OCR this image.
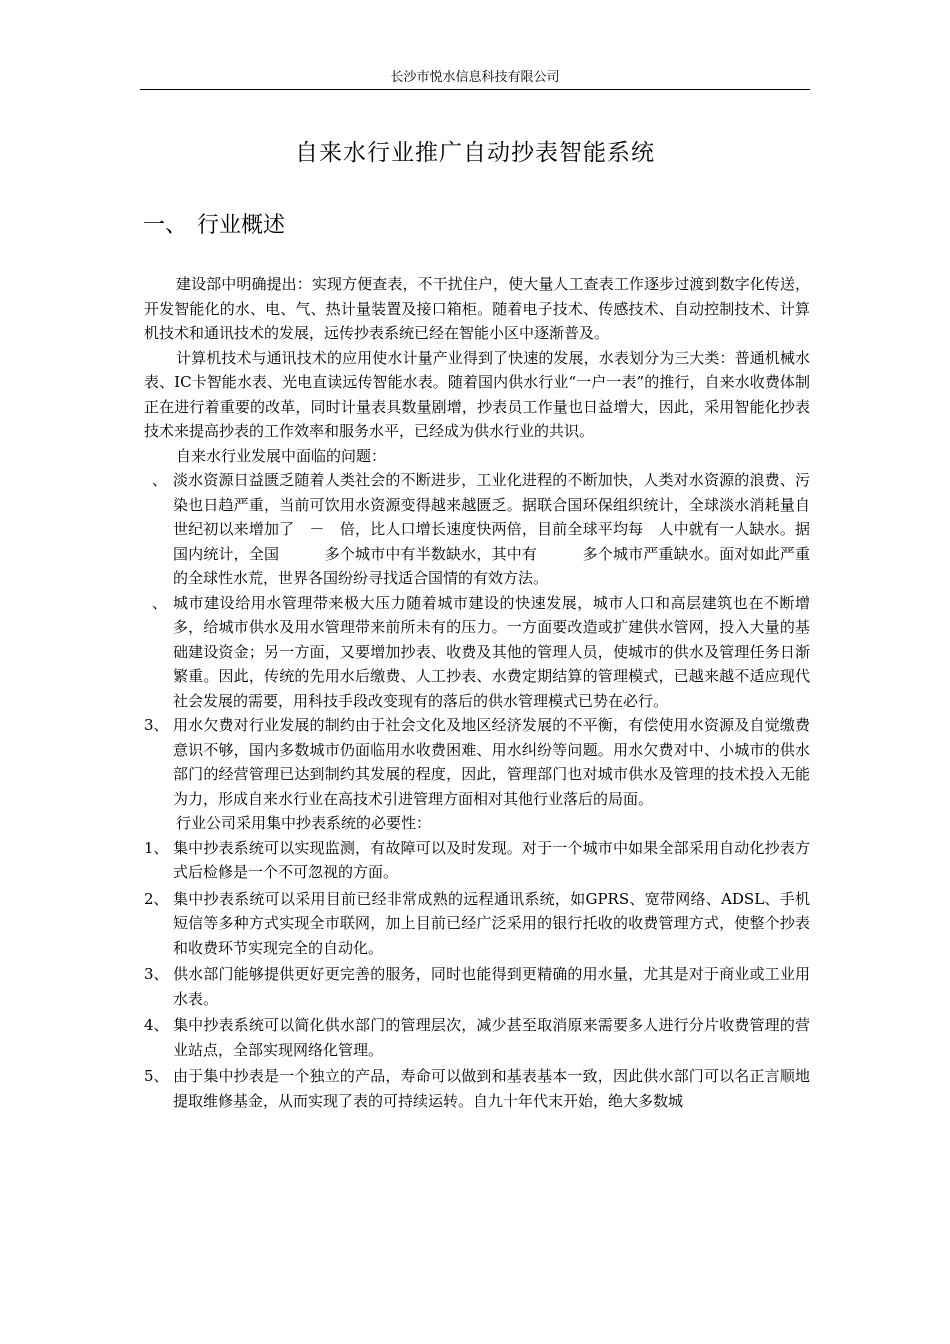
长沙市悦水信息科技有限公司
自来水行业推广自动抄表智能系统
一、 行业概述

建设部中明确提出：实现方便查表，不干扰住户，使大量人工查表工作逐步过渡到数字化传送，开发智能化的水、电、气、热计量装置及接口箱柜。随着电子技术、传感技术、自动控制技术、计算机技术和通讯技术的发展，远传抄表系统已经在智能小区中逐渐普及。

计算机技术与通讯技术的应用使水计量产业得到了快速的发展，水表划分为三大类：普通机械水表、IC卡智能水表、光电直读远传智能水表。随着国内供水行业“一户一表”的推行，自来水收费体制正在进行着重要的改革，同时计量表具数量剧增，抄表员工作量也日益增大，因此，采用智能化抄表技术来提高抄表的工作效率和服务水平，已经成为供水行业的共识。

自来水行业发展中面临的问题：

、 淡水资源日益匮乏随着人类社会的不断进步，工业化进程的不断加快，人类对水资源的浪费、污染也日趋严重，当前可饮用水资源变得越来越匮乏。据联合国环保组织统计，全球淡水消耗量自　　世纪初以来增加了　－　倍，比人口增长速度快两倍，目前全球平均每　人中就有一人缺水。据国内统计，全国　　　多个城市中有半数缺水，其中有　　　多个城市严重缺水。面对如此严重的全球性水荒，世界各国纷纷寻找适合国情的有效方法。
、 城市建设给用水管理带来极大压力随着城市建设的快速发展，城市人口和高层建筑也在不断增多，给城市供水及用水管理带来前所未有的压力。一方面要改造或扩建供水管网，投入大量的基础建设资金；另一方面，又要增加抄表、收费及其他的管理人员，使城市的供水及管理任务日渐繁重。因此，传统的先用水后缴费、人工抄表、水费定期结算的管理模式，已越来越不适应现代社会发展的需要，用科技手段改变现有的落后的供水管理模式已势在必行。
3、 用水欠费对行业发展的制约由于社会文化及地区经济发展的不平衡，有偿使用水资源及自觉缴费意识不够，国内多数城市仍面临用水收费困难、用水纠纷等问题。用水欠费对中、小城市的供水部门的经营管理已达到制约其发展的程度，因此，管理部门也对城市供水及管理的技术投入无能为力，形成自来水行业在高技术引进管理方面相对其他行业落后的局面。

行业公司采用集中抄表系统的必要性：

1、 集中抄表系统可以实现监测，有故障可以及时发现。对于一个城市中如果全部采用自动化抄表方式后检修是一个不可忽视的方面。
2、 集中抄表系统可以采用目前已经非常成熟的远程通讯系统，如GPRS、宽带网络、ADSL、手机短信等多种方式实现全市联网，加上目前已经广泛采用的银行托收的收费管理方式，使整个抄表和收费环节实现完全的自动化。
3、 供水部门能够提供更好更完善的服务，同时也能得到更精确的用水量，尤其是对于商业或工业用水表。
4、 集中抄表系统可以简化供水部门的管理层次，减少甚至取消原来需要多人进行分片收费管理的营业站点，全部实现网络化管理。
5、 由于集中抄表是一个独立的产品，寿命可以做到和基表基本一致，因此供水部门可以名正言顺地提取维修基金，从而实现了表的可持续运转。自九十年代末开始，绝大多数城
